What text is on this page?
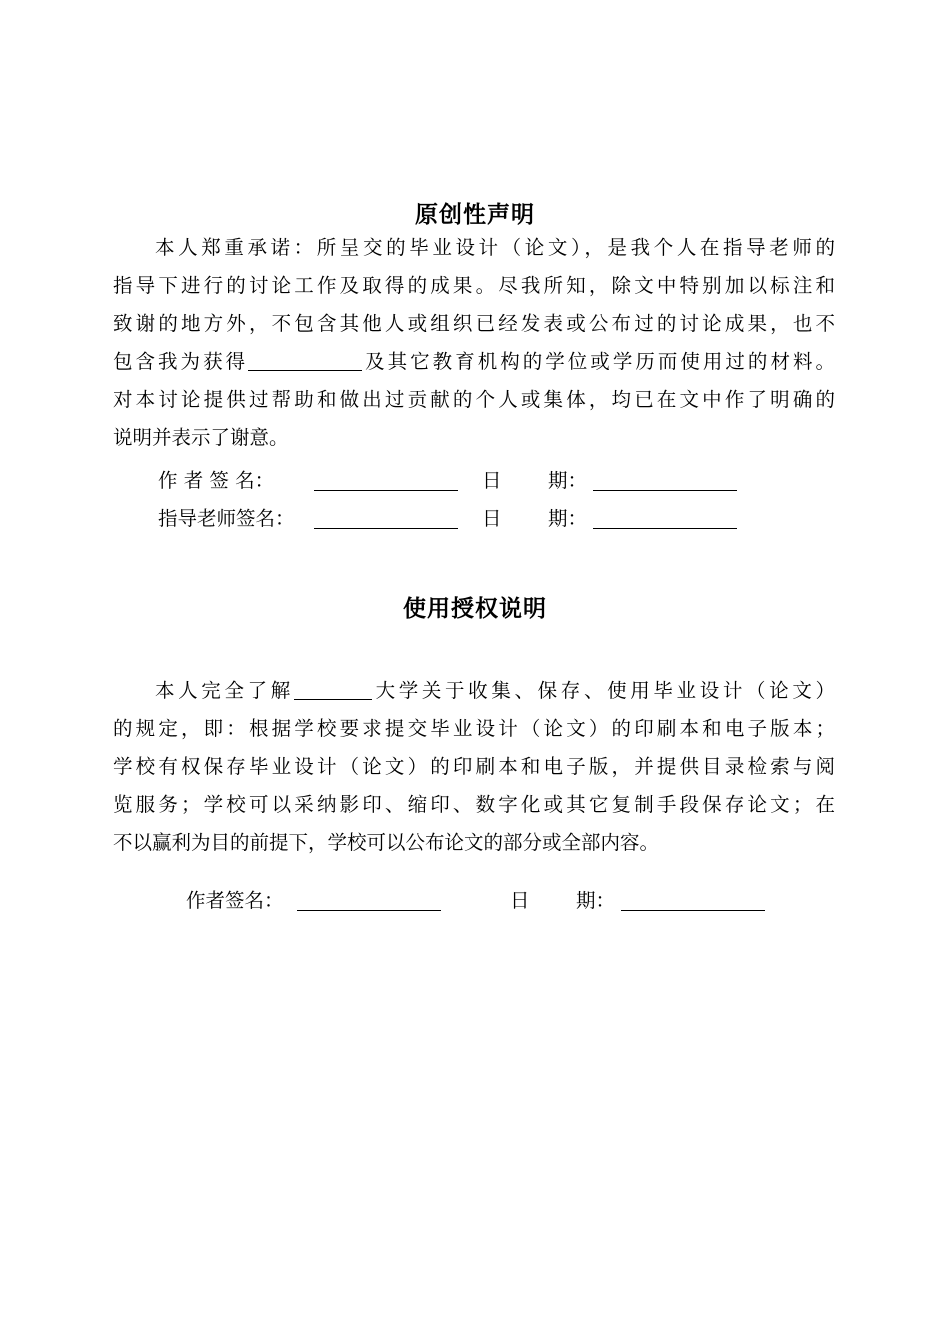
原创性声明
本人郑重承诺：所呈交的毕业设计（论文），是我个人在指导老师的
指导下进行的讨论工作及取得的成果。尽我所知，除文中特别加以标注和
致谢的地方外，不包含其他人或组织已经发表或公布过的讨论成果，也不
包含我为获得	及其它教育机构的学位或学历而使用过的材料。
对本讨论提供过帮助和做出过贡献的个人或集体，均已在文中作了明确的
说明并表示了谢意。
作 者 签 名：	日 期：
指导老师签名：	日 期：
使用授权说明
本人完全了解	大学关于收集、保存、使用毕业设计（论文）
的规定，即：根据学校要求提交毕业设计（论文）的印刷本和电子版本；
学校有权保存毕业设计（论文）的印刷本和电子版，并提供目录检索与阅
览服务；学校可以采纳影印、缩印、数字化或其它复制手段保存论文；在
不以赢利为目的前提下，学校可以公布论文的部分或全部内容。
作者签名：	日 期：
